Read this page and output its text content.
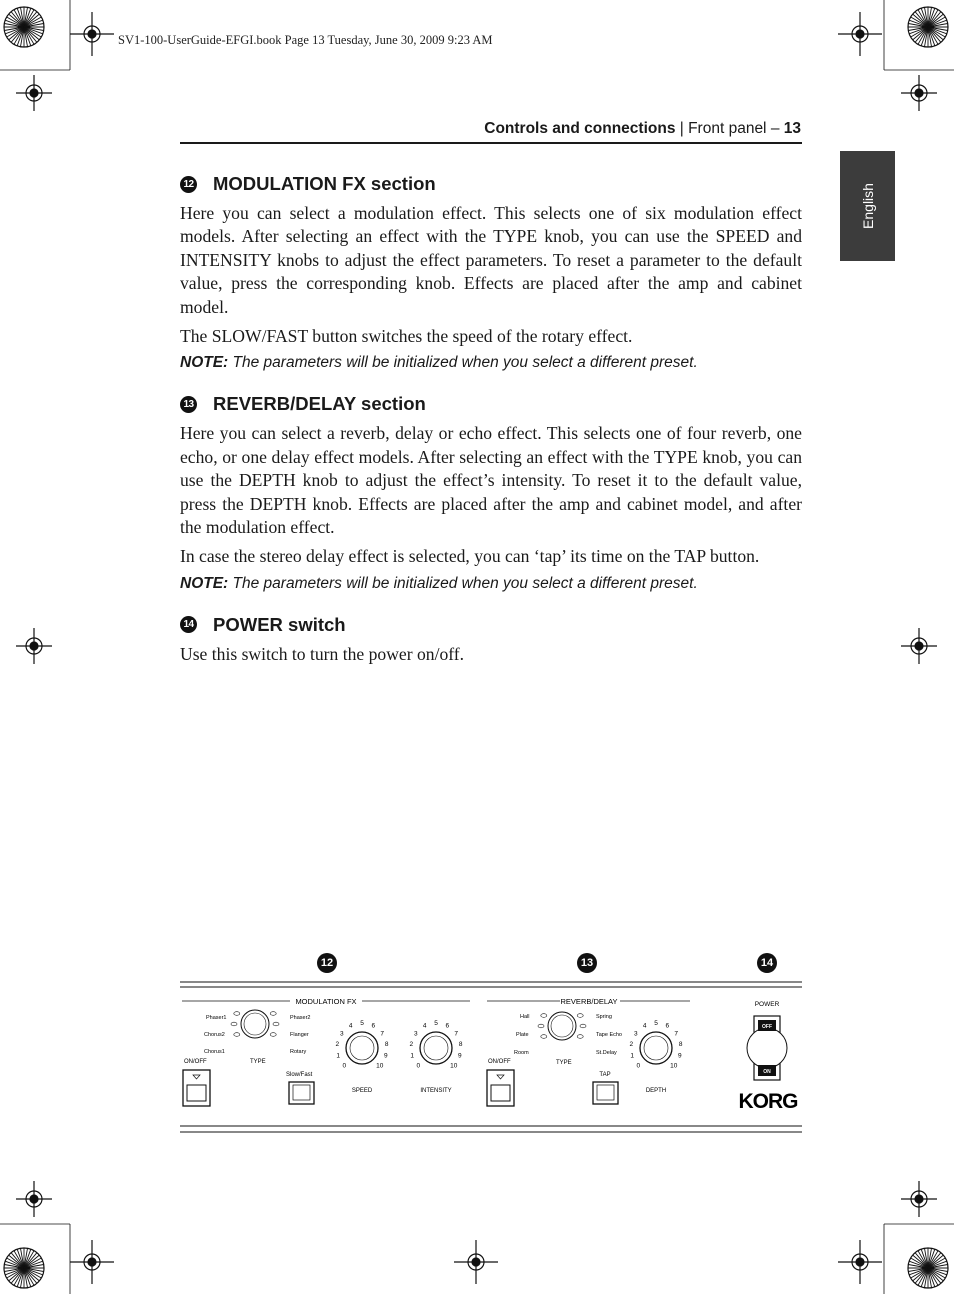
SV1-100-UserGuide-EFGI.book Page 13 Tuesday, June 30, 2009 9:23 AM
Controls and connections | Front panel – 13
English
12 MODULATION FX section

Here you can select a modulation effect. This selects one of six modulation effect models. After selecting an effect with the TYPE knob, you can use the SPEED and INTENSITY knobs to adjust the effect parameters. To reset a parameter to the default value, press the corresponding knob. Effects are placed after the amp and cabinet model.

The SLOW/FAST button switches the speed of the rotary effect.

NOTE: The parameters will be initialized when you select a different preset.
13 REVERB/DELAY section

Here you can select a reverb, delay or echo effect. This selects one of four reverb, one echo, or one delay effect models. After selecting an effect with the TYPE knob, you can use the DEPTH knob to adjust the effect’s intensity. To reset it to the default value, press the DEPTH knob. Effects are placed after the amp and cabinet model, and after the modulation effect.

In case the stereo delay effect is selected, you can ‘tap’ its time on the TAP button.

NOTE: The parameters will be initialized when you select a different preset.
14 POWER switch

Use this switch to turn the power on/off.

12	13	14
MODULATION FX
Phaser1	Phaser2
Chorus2	Flanger
Chorus1	Rotary
TYPE
ON/OFF
Slow/Fast
SPEED	INTENSITY
REVERB/DELAY
Hall	Spring
Plate	Tape Echo
Room	St.Delay
TYPE
ON/OFF
TAP
DEPTH
POWER
OFF
ON
KORG
0
1
2
3
4 5 6
7
8
9
10	0
1
2
3
4 5 6
7
8
9
10	0
1
2
3
4 5 6
7
8
9
10
